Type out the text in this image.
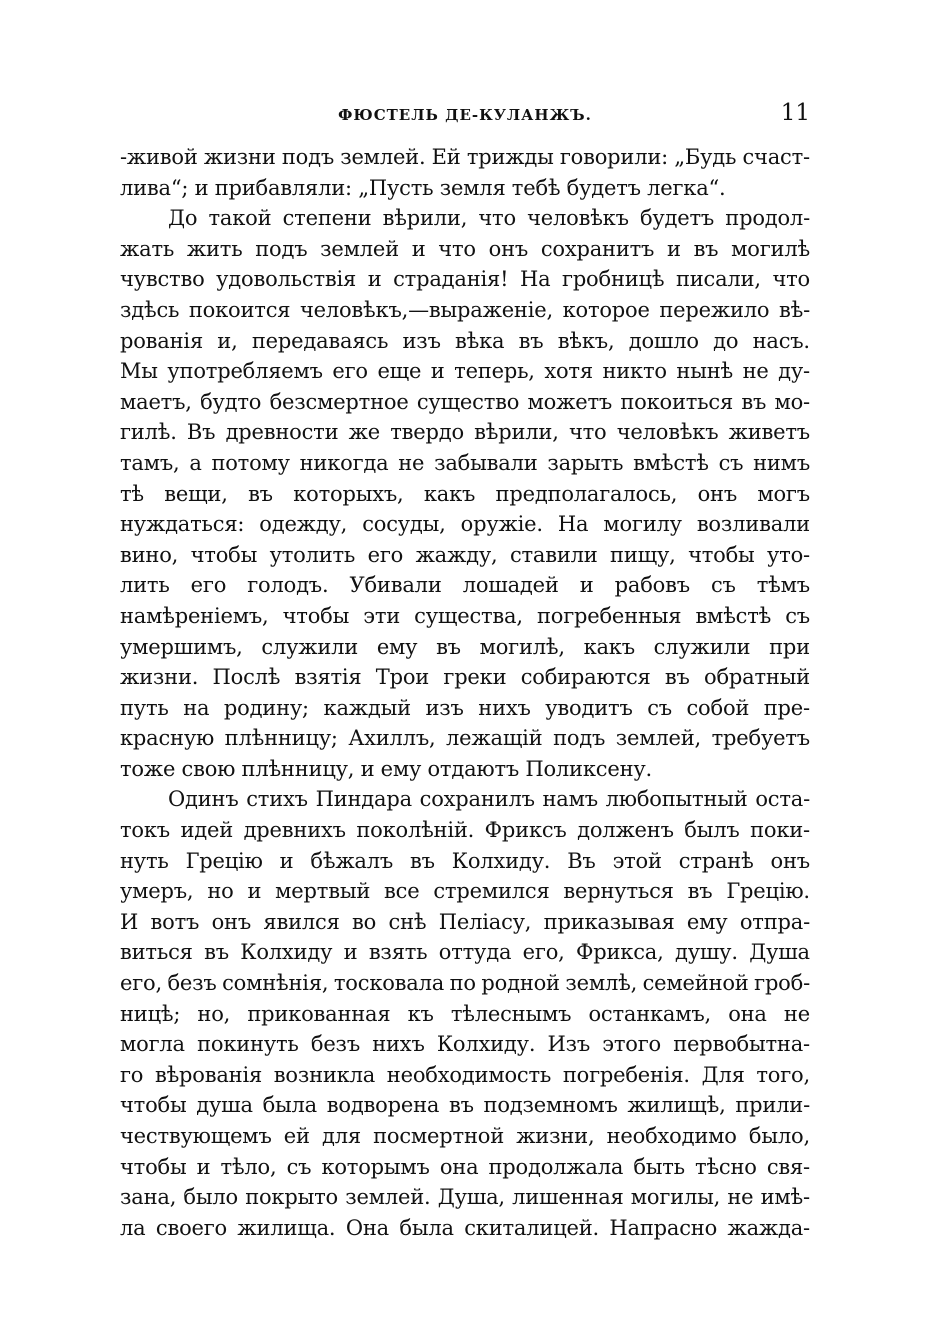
ФЮСТЕЛЬ ДЕ-КУЛАНЖЪ.	11
-живой жизни подъ землей. Ей трижды говорили: „Будь счаст-
лива“; и прибавляли: „Пусть земля тебѣ будетъ легка“.
До такой степени вѣрили, что человѣкъ будетъ продол-
жать жить подъ землей и что онъ сохранитъ и въ могилѣ
чувство удовольствія и страданія! На гробницѣ писали, что
здѣсь покоится человѣкъ,—выраженіе, которое пережило вѣ-
рованія и, передаваясь изъ вѣка въ вѣкъ, дошло до насъ.
Мы употребляемъ его еще и теперь, хотя никто нынѣ не ду-
маетъ, будто безсмертное существо можетъ покоиться въ мо-
гилѣ. Въ древности же твердо вѣрили, что человѣкъ живетъ
тамъ, а потому никогда не забывали зарыть вмѣстѣ съ нимъ
тѣ вещи, въ которыхъ, какъ предполагалось, онъ могъ
нуждаться: одежду, сосуды, оружіе. На могилу возливали
вино, чтобы утолить его жажду, ставили пищу, чтобы уто-
лить его голодъ. Убивали лошадей и рабовъ съ тѣмъ
намѣреніемъ, чтобы эти существа, погребенныя вмѣстѣ съ
умершимъ, служили ему въ могилѣ, какъ служили при
жизни. Послѣ взятія Трои греки собираются въ обратный
путь на родину; каждый изъ нихъ уводитъ съ собой пре-
красную плѣнницу; Ахиллъ, лежащій подъ землей, требуетъ
тоже свою плѣнницу, и ему отдаютъ Поликсену.
Одинъ стихъ Пиндара сохранилъ намъ любопытный оста-
токъ идей древнихъ поколѣній. Фриксъ долженъ былъ поки-
нуть Грецію и бѣжалъ въ Колхиду. Въ этой странѣ онъ
умеръ, но и мертвый все стремился вернуться въ Грецію.
И вотъ онъ явился во снѣ Пеліасу, приказывая ему отпра-
виться въ Колхиду и взять оттуда его, Фрикса, душу. Душа
его, безъ сомнѣнія, тосковала по родной землѣ, семейной гроб-
ницѣ; но, прикованная къ тѣлеснымъ останкамъ, она не
могла покинуть безъ нихъ Колхиду. Изъ этого первобытна-
го вѣрованія возникла необходимость погребенія. Для того,
чтобы душа была водворена въ подземномъ жилищѣ, прили-
чествующемъ ей для посмертной жизни, необходимо было,
чтобы и тѣло, съ которымъ она продолжала быть тѣсно свя-
зана, было покрыто землей. Душа, лишенная могилы, не имѣ-
ла своего жилища. Она была скиталицей. Напрасно жажда-
